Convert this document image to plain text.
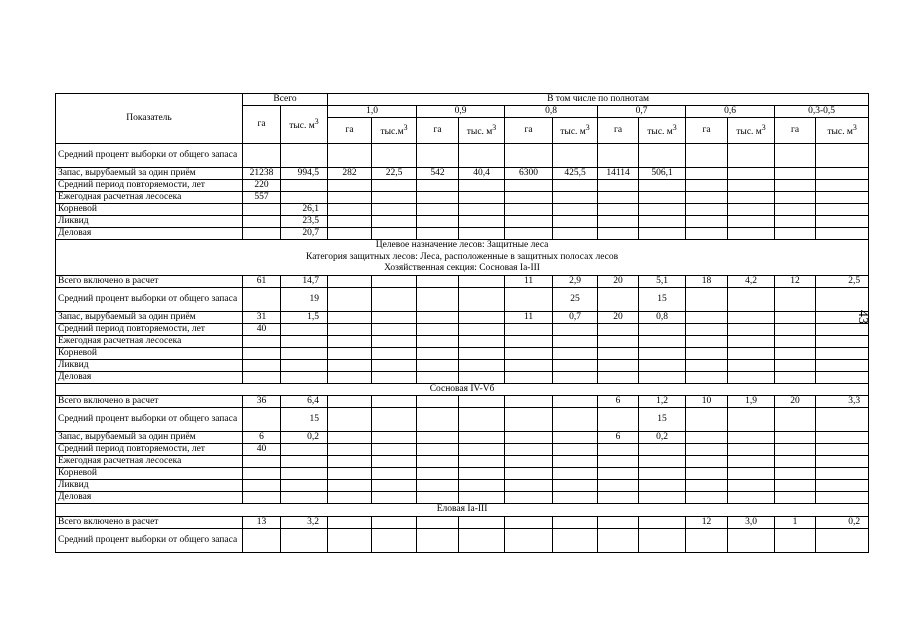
Показатель	Всего		В том числе по полнотам											
	га	тыс. $м^3$	1,0		0,9		0,8		0,7		0,6		0,3-0,5	
			га	$тыс.м^3$	га	тыс. $м^3$	га	тыс. $м^3$	га	тыс. $м^3$	га	тыс. $м^3$	га	тыс. $м^3$
Средний процент выборки от общего запаса														
Запас, вырубаемый за один приём	21238	994,5	282	22,5	542	40,4	6300	425,5	14114	506,1				
Средний период повторяемости, лет	220													
Ежегодная расчетная лесосека	557													
Корневой		26,1												
Ликвид		23,5												
Деловая		20,7												

Целевое назначение лесов: Защитные леса
Категория защитных лесов: Леса, расположенные в защитных полосах лесов
Хозяйственная секция: Сосновая Ia-III														

Всего включено в расчет	61	14,7					11	2,9	20	5,1	18	4,2	12	2,5
Средний процент выборки от общего запаса		19						25		15				
Запас, вырубаемый за один приём	31	1,5					11	0,7	20	0,8				
Средний период повторяемости, лет	40													
Ежегодная расчетная лесосека														
Корневой														
Ликвид														
Деловая														

Сосновая IV-Vб														

Всего включено в расчет	36	6,4							6	1,2	10	1,9	20	3,3
Средний процент выборки от общего запаса		15								15				
Запас, вырубаемый за один приём	6	0,2							6	0,2				
Средний период повторяемости, лет	40													
Ежегодная расчетная лесосека														
Корневой														
Ликвид														
Деловая														

Еловая Ia-III														

Всего включено в расчет	13	3,2									12	3,0	1	0,2
Средний процент выборки от общего запаса														
43
